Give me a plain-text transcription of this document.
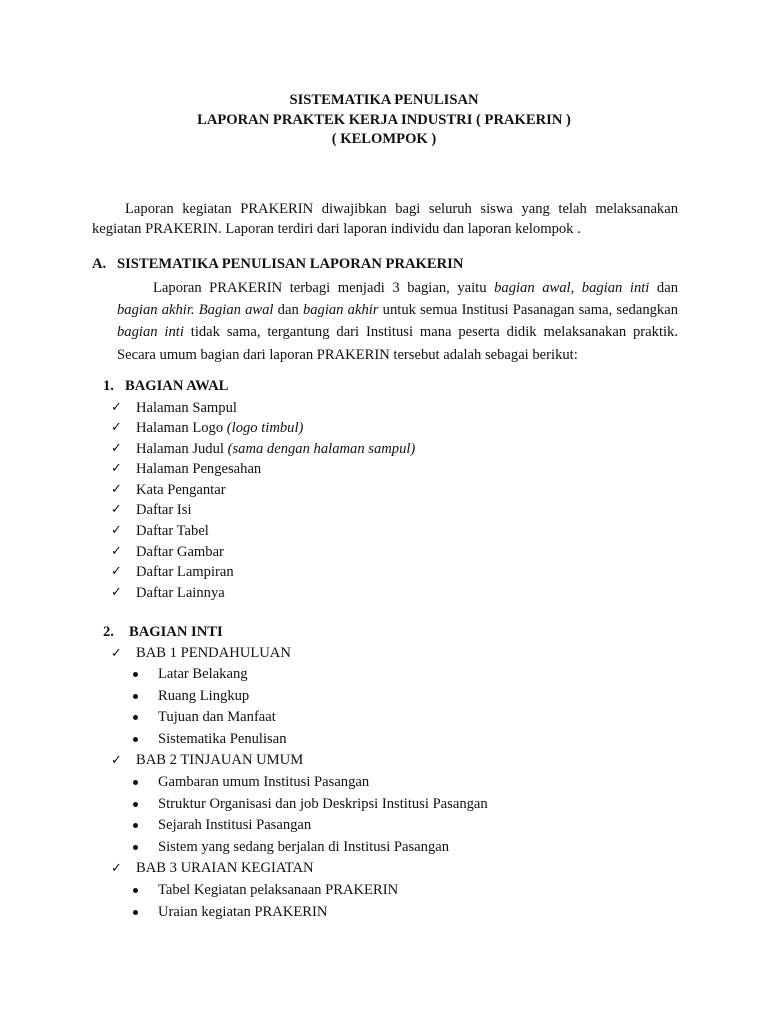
SISTEMATIKA PENULISAN
LAPORAN PRAKTEK KERJA INDUSTRI ( PRAKERIN )
( KELOMPOK )
Laporan kegiatan PRAKERIN diwajibkan bagi seluruh siswa yang telah melaksanakan kegiatan PRAKERIN. Laporan terdiri dari laporan individu dan laporan kelompok .
A. SISTEMATIKA PENULISAN LAPORAN PRAKERIN
Laporan PRAKERIN terbagi menjadi 3 bagian, yaitu bagian awal, bagian inti dan bagian akhir. Bagian awal dan bagian akhir untuk semua Institusi Pasanagan sama, sedangkan bagian inti tidak sama, tergantung dari Institusi mana peserta didik melaksanakan praktik. Secara umum bagian dari laporan PRAKERIN tersebut adalah sebagai berikut:
1. BAGIAN AWAL
✓ Halaman Sampul
✓ Halaman Logo (logo timbul)
✓ Halaman Judul (sama dengan halaman sampul)
✓ Halaman Pengesahan
✓ Kata Pengantar
✓ Daftar Isi
✓ Daftar Tabel
✓ Daftar Gambar
✓ Daftar Lampiran
✓ Daftar Lainnya
2. BAGIAN INTI
✓ BAB 1 PENDAHULUAN
Latar Belakang
Ruang Lingkup
Tujuan dan Manfaat
Sistematika Penulisan
✓ BAB 2 TINJAUAN UMUM
Gambaran umum Institusi Pasangan
Struktur Organisasi dan job Deskripsi Institusi Pasangan
Sejarah Institusi Pasangan
Sistem yang sedang berjalan di Institusi Pasangan
✓ BAB 3 URAIAN KEGIATAN
Tabel Kegiatan pelaksanaan PRAKERIN
Uraian kegiatan PRAKERIN
